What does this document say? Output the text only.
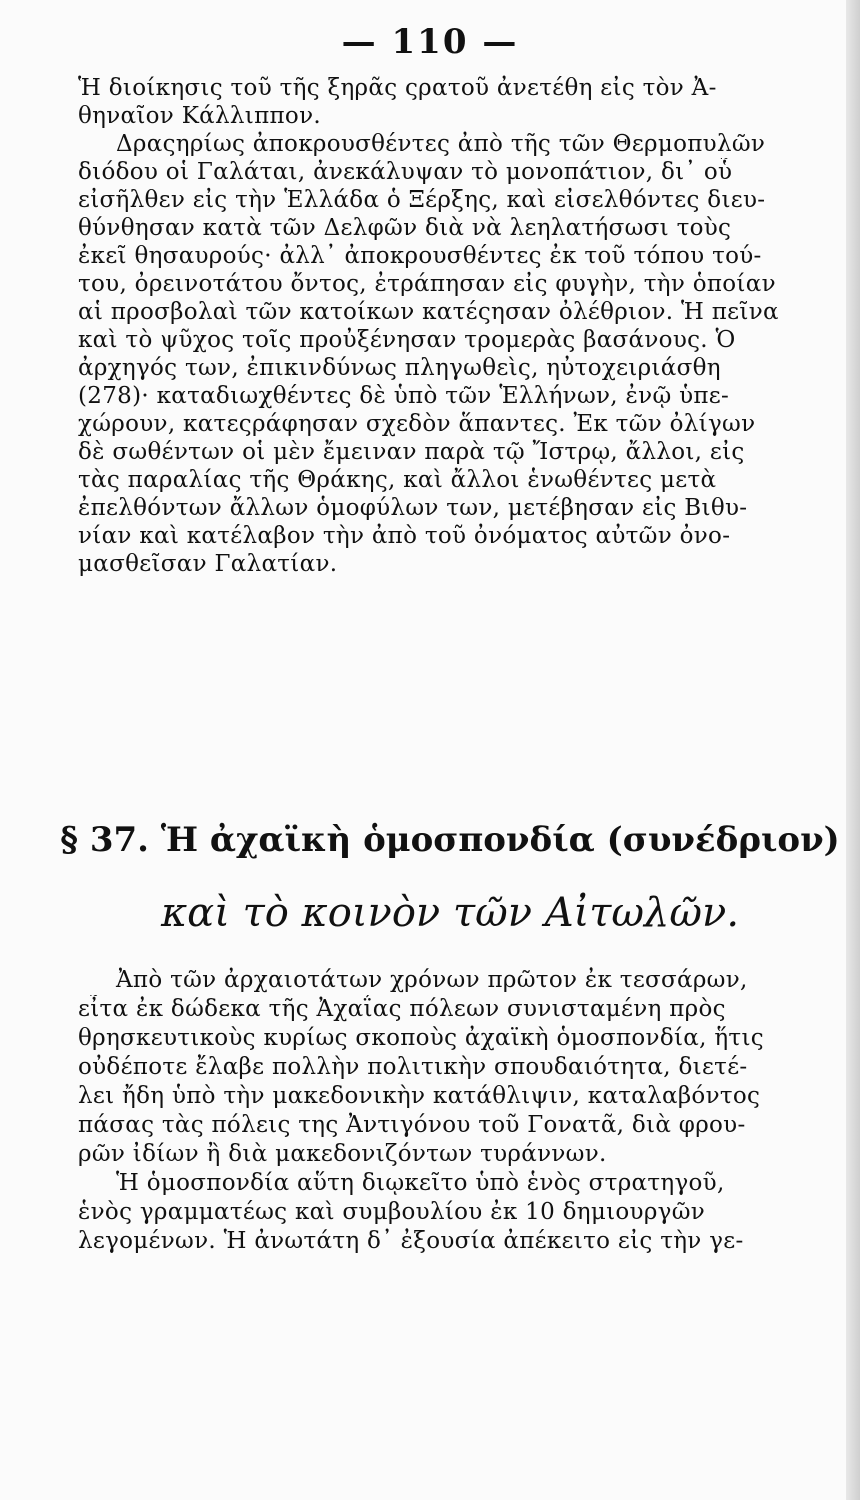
— 110 —
Ἡ διοίκησις τοῦ τῆς ξηρᾶς ςρατοῦ ἀνετέθη εἰς τὸν Ἀ-
θηναῖον Κάλλιππον.
Δραςηρίως ἀποκρουσθέντες ἀπὸ τῆς τῶν Θερμοπυλῶν
διόδου οἱ Γαλάται, ἀνεκάλυψαν τὸ μονοπάτιον, δι᾽ οὗ
εἰσῆλθεν εἰς τὴν Ἑλλάδα ὁ Ξέρξης, καὶ εἰσελθόντες διευ-
θύνθησαν κατὰ τῶν Δελφῶν διὰ νὰ λεηλατήσωσι τοὺς
ἐκεῖ θησαυρούς· ἀλλ᾽ ἀποκρουσθέντες ἐκ τοῦ τόπου τού-
του, ὀρεινοτάτου ὄντος, ἐτράπησαν εἰς φυγὴν, τὴν ὁποίαν
αἱ προσβολαὶ τῶν κατοίκων κατέςησαν ὀλέθριον. Ἡ πεῖνα
καὶ τὸ ψῦχος τοῖς προὐξένησαν τρομερὰς βασάνους. Ὁ
ἀρχηγός των, ἐπικινδύνως πληγωθεὶς, ηὐτοχειριάσθη
(278)· καταδιωχθέντες δὲ ὑπὸ τῶν Ἑλλήνων, ἐνῷ ὑπε-
χώρουν, κατεςράφησαν σχεδὸν ἅπαντες. Ἐκ τῶν ὀλίγων
δὲ σωθέντων οἱ μὲν ἔμειναν παρὰ τῷ Ἴστρῳ, ἄλλοι, εἰς
τὰς παραλίας τῆς Θράκης, καὶ ἄλλοι ἑνωθέντες μετὰ
ἐπελθόντων ἄλλων ὁμοφύλων των, μετέβησαν εἰς Βιθυ-
νίαν καὶ κατέλαβον τὴν ἀπὸ τοῦ ὀνόματος αὐτῶν ὀνο-
μασθεῖσαν Γαλατίαν.
§ 37. Ἡ ἀχαϊκὴ ὁμοσπονδία (συνέδριον)
καὶ τὸ κοινὸν τῶν Αἰτωλῶν.
Ἀπὸ τῶν ἀρχαιοτάτων χρόνων πρῶτον ἐκ τεσσάρων,
εἶτα ἐκ δώδεκα τῆς Ἀχαΐας πόλεων συνισταμένη πρὸς
θρησκευτικοὺς κυρίως σκοποὺς ἀχαϊκὴ ὁμοσπονδία, ἥτις
οὐδέποτε ἔλαβε πολλὴν πολιτικὴν σπουδαιότητα, διετέ-
λει ἤδη ὑπὸ τὴν μακεδονικὴν κατάθλιψιν, καταλαβόντος
πάσας τὰς πόλεις της Ἀντιγόνου τοῦ Γονατᾶ, διὰ φρου-
ρῶν ἰδίων ἢ διὰ μακεδονιζόντων τυράννων.
Ἡ ὁμοσπονδία αὕτη διῳκεῖτο ὑπὸ ἑνὸς στρατηγοῦ,
ἑνὸς γραμματέως καὶ συμβουλίου ἐκ 10 δημιουργῶν
λεγομένων. Ἡ ἀνωτάτη δ᾽ ἐξουσία ἀπέκειτο εἰς τὴν γε-
